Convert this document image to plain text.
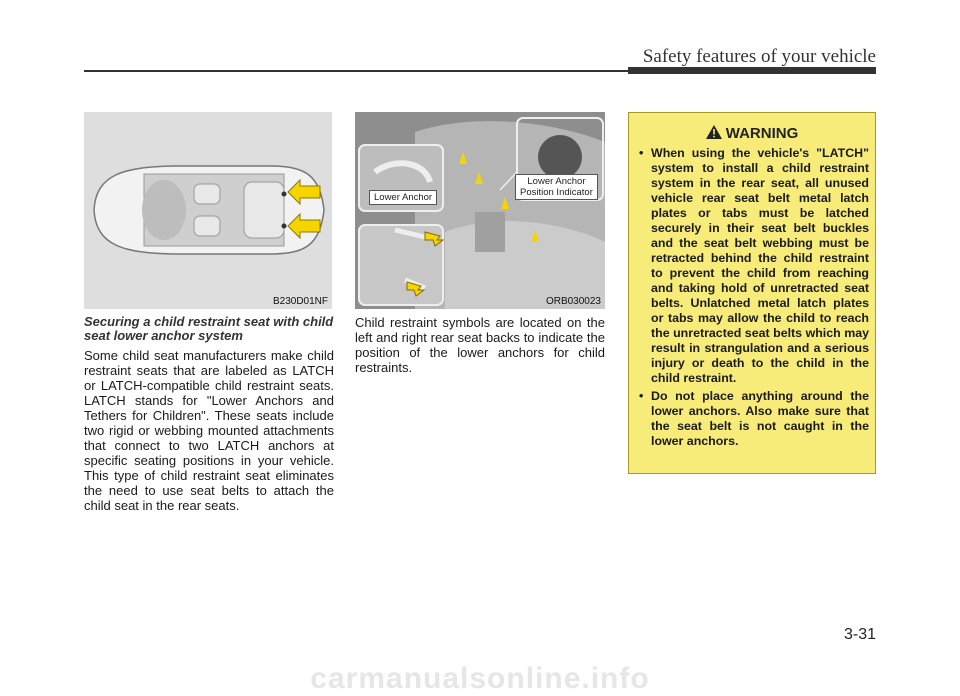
Safety features of your vehicle
B230D01NF
Lower Anchor
Lower Anchor
Position Indicator
ORB030023
Securing a child restraint seat with child seat lower anchor system
Some child seat manufacturers make child restraint seats that are labeled as LATCH or LATCH-compatible child restraint seats. LATCH stands for "Lower Anchors and Tethers for Children". These seats include two rigid or webbing mounted attachments that connect to two LATCH anchors at specific seating positions in your vehicle. This type of child restraint seat eliminates the need to use seat belts to attach the child seat in the rear seats.
Child restraint symbols are located on the left and right rear seat backs to indicate the position of the lower anchors for child restraints.
WARNING
• When using the vehicle's "LATCH" system to install a child restraint system in the rear seat, all unused vehicle rear seat belt metal latch plates or tabs must be latched securely in their seat belt buckles and the seat belt webbing must be retracted behind the child restraint to prevent the child from reaching and taking hold of unretracted seat belts. Unlatched metal latch plates or tabs may allow the child to reach the unretracted seat belts which may result in strangulation and a serious injury or death to the child in the child restraint.
• Do not place anything around the lower anchors. Also make sure that the seat belt is not caught in the lower anchors.
3-31
carmanualsonline.info
